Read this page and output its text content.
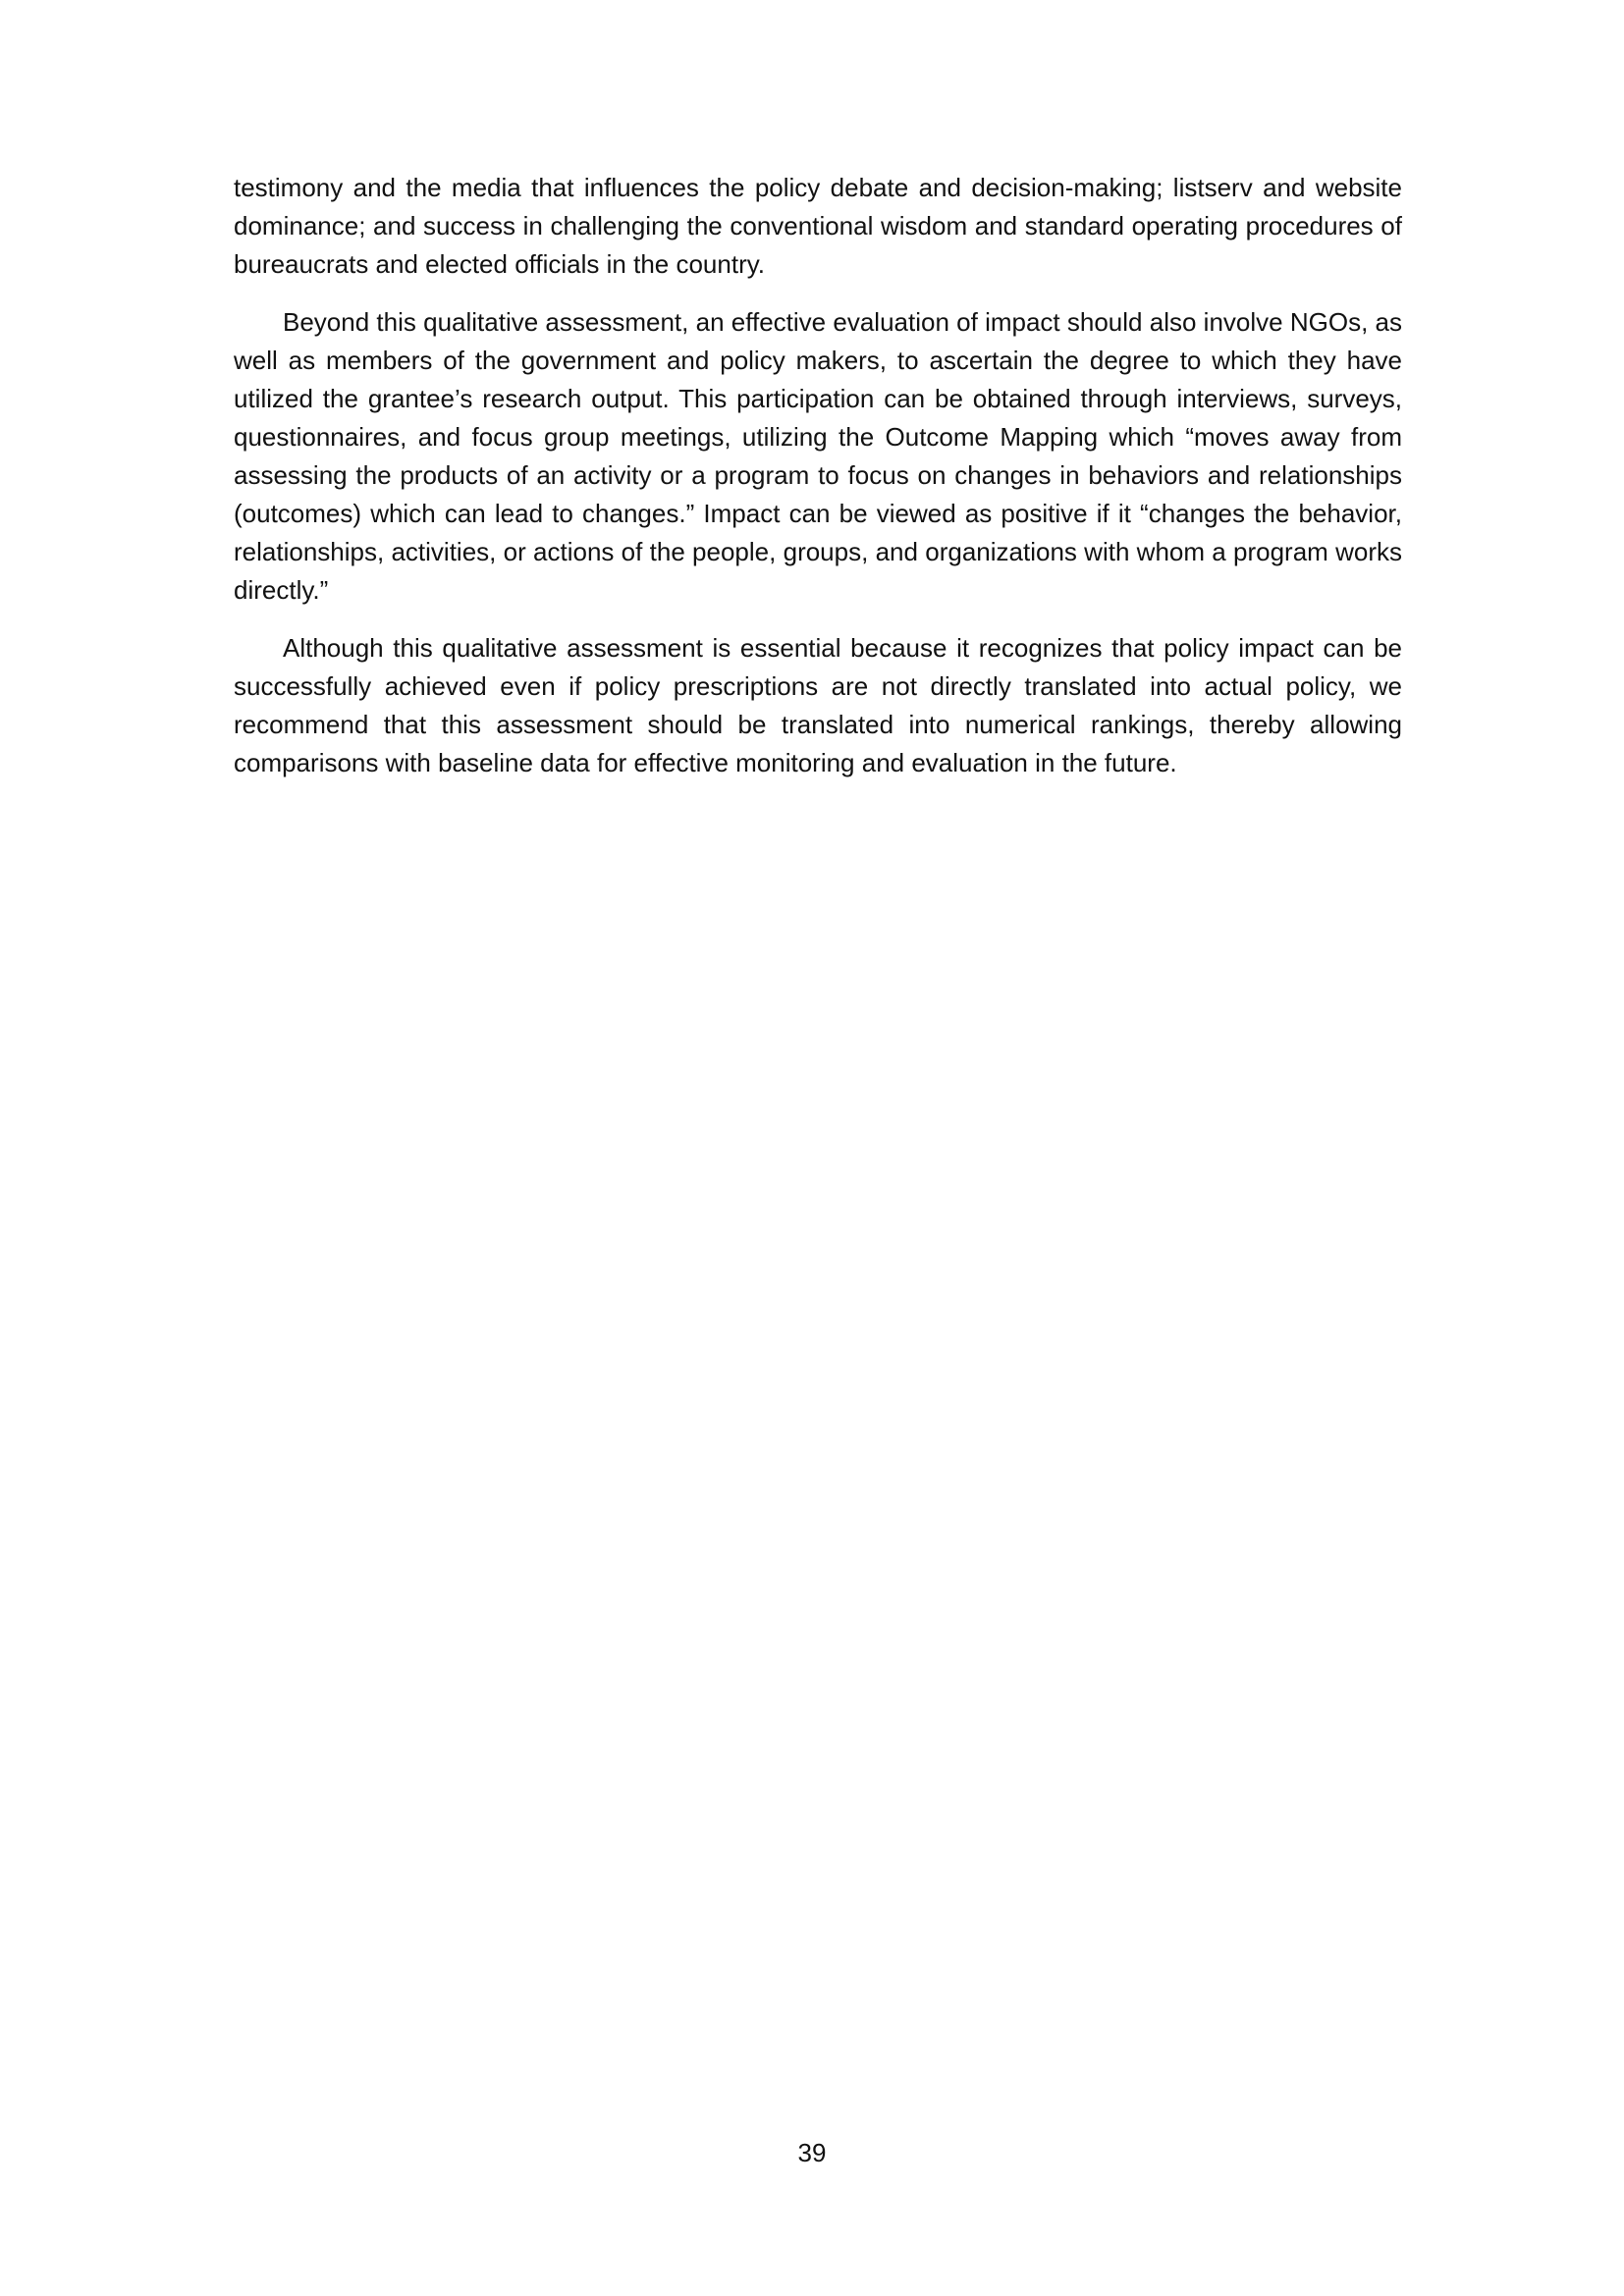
testimony and the media that influences the policy debate and decision-making; listserv and website dominance; and success in challenging the conventional wisdom and standard operating procedures of bureaucrats and elected officials in the country.

Beyond this qualitative assessment, an effective evaluation of impact should also involve NGOs, as well as members of the government and policy makers, to ascertain the degree to which they have utilized the grantee’s research output. This participation can be obtained through interviews, surveys, questionnaires, and focus group meetings, utilizing the Outcome Mapping which “moves away from assessing the products of an activity or a program to focus on changes in behaviors and relationships (outcomes) which can lead to changes.” Impact can be viewed as positive if it “changes the behavior, relationships, activities, or actions of the people, groups, and organizations with whom a program works directly.”

Although this qualitative assessment is essential because it recognizes that policy impact can be successfully achieved even if policy prescriptions are not directly translated into actual policy, we recommend that this assessment should be translated into numerical rankings, thereby allowing comparisons with baseline data for effective monitoring and evaluation in the future.

39
